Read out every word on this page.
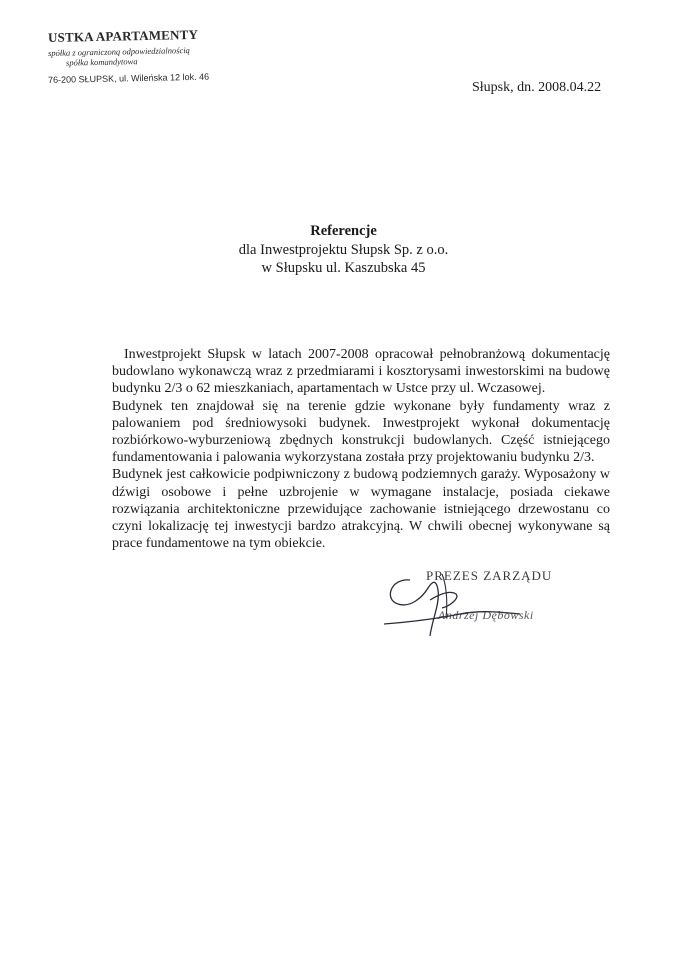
USTKA APARTAMENTY
spółka z ograniczoną odpowiedzialnością
spółka komandytowa
76-200 SŁUPSK, ul. Wileńska 12 lok. 46
Słupsk, dn. 2008.04.22
Referencje
dla Inwestprojektu Słupsk Sp. z o.o.
w Słupsku ul. Kaszubska 45

Inwestprojekt Słupsk w latach 2007-2008 opracował pełnobranżową dokumentację budowlano wykonawczą wraz z przedmiarami i kosztorysami inwestorskimi na budowę budynku 2/3 o 62 mieszkaniach, apartamentach w Ustce przy ul. Wczasowej.

Budynek ten znajdował się na terenie gdzie wykonane były fundamenty wraz z palowaniem pod średniowysoki budynek. Inwestprojekt wykonał dokumentację rozbiórkowo-wyburzeniową zbędnych konstrukcji budowlanych. Część istniejącego fundamentowania i palowania wykorzystana została przy projektowaniu budynku 2/3.

Budynek jest całkowicie podpiwniczony z budową podziemnych garaży. Wyposażony w dźwigi osobowe i pełne uzbrojenie w wymagane instalacje, posiada ciekawe rozwiązania architektoniczne przewidujące zachowanie istniejącego drzewostanu co czyni lokalizację tej inwestycji bardzo atrakcyjną. W chwili obecnej wykonywane są prace fundamentowe na tym obiekcie.

PREZES ZARZĄDU
Andrzej Dębowski
